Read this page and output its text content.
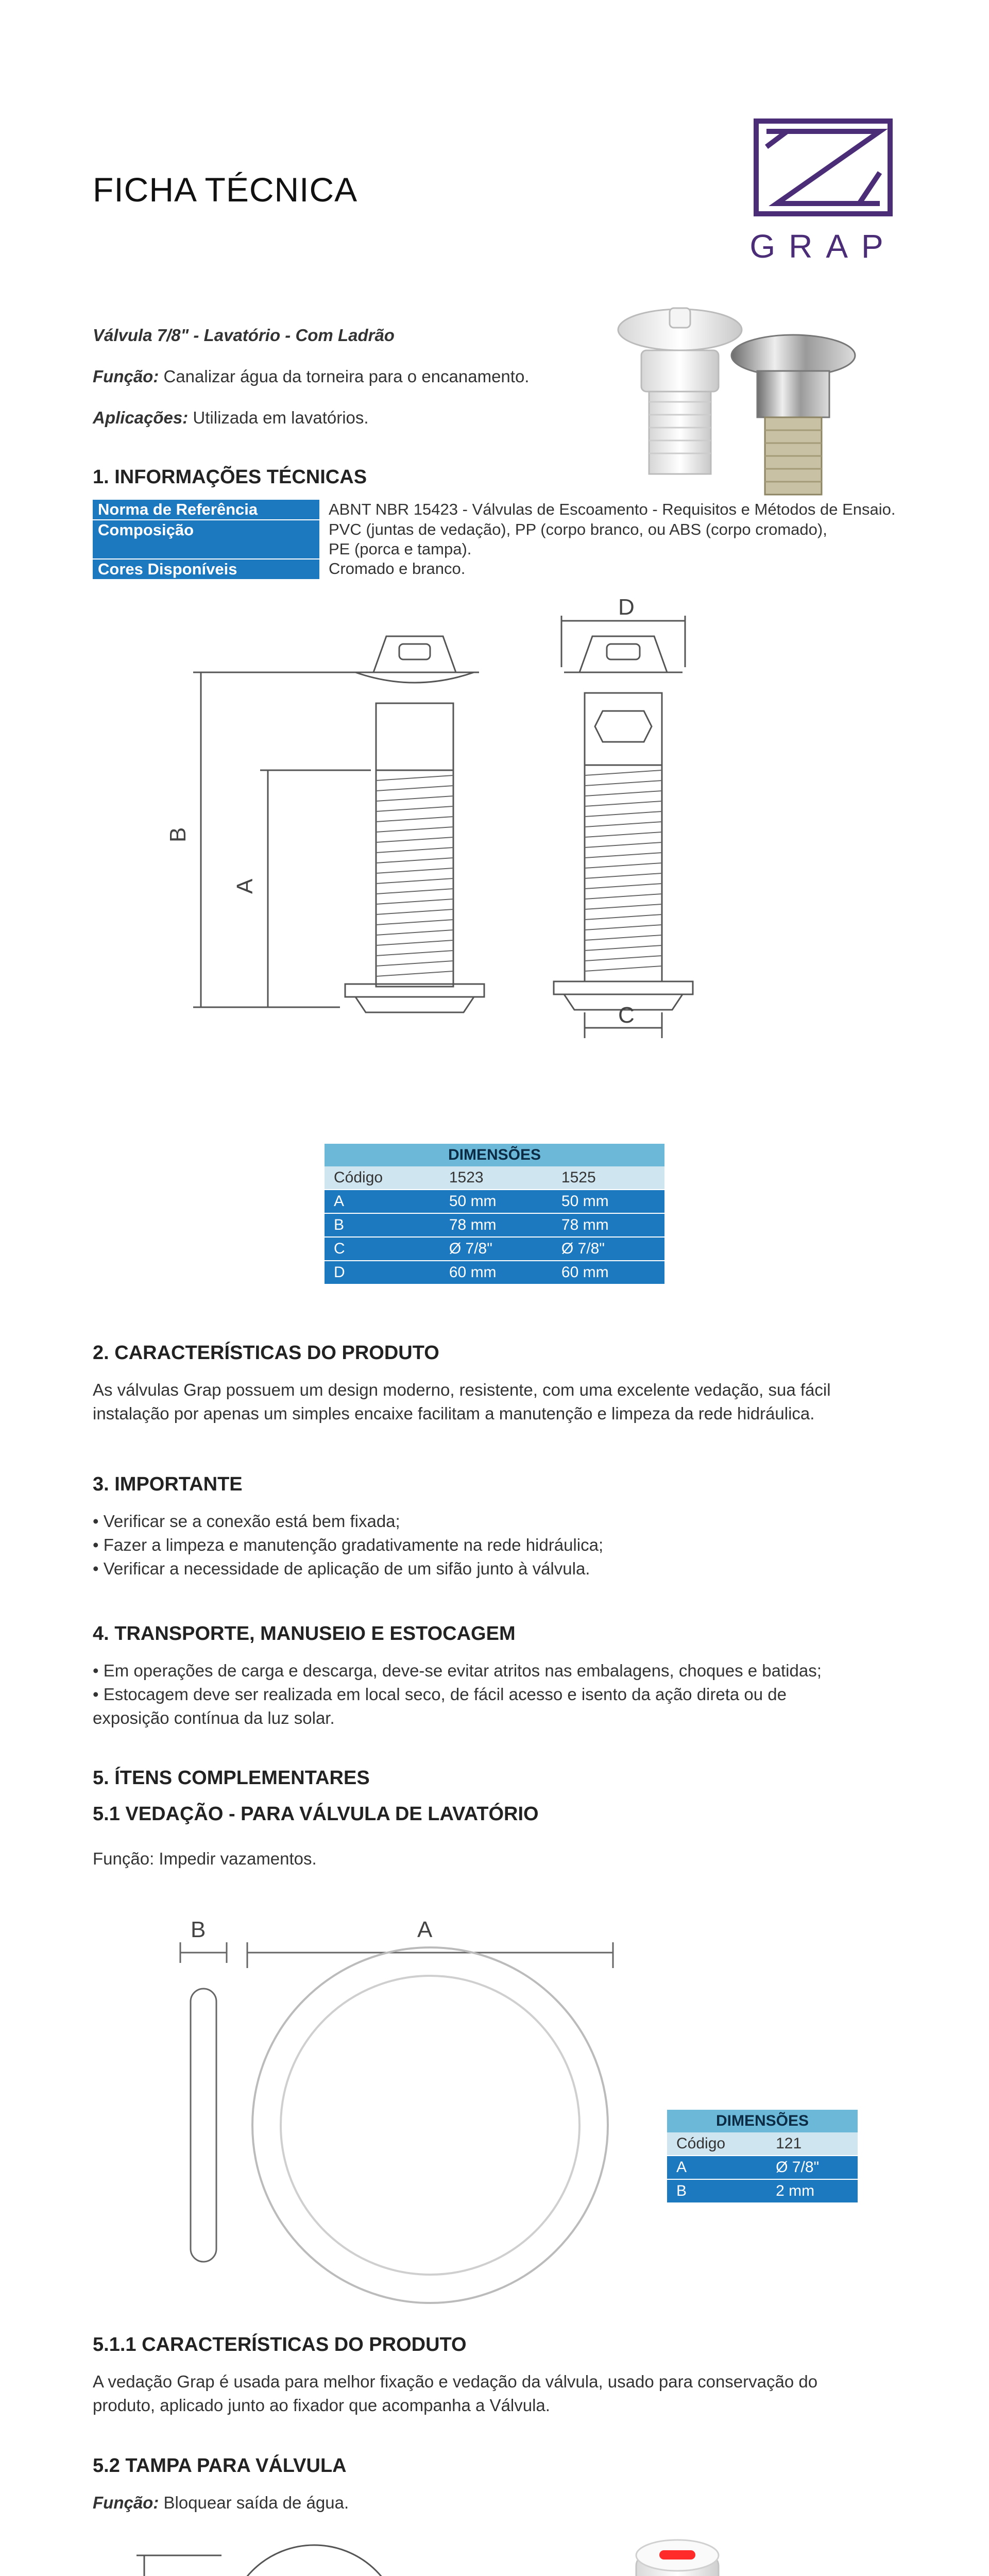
FICHA TÉCNICA
GRAP
Válvula 7/8" - Lavatório - Com Ladrão
Função: Canalizar água da torneira para o encanamento.
Aplicações: Utilizada em lavatórios.
1. INFORMAÇÕES TÉCNICAS
Norma de Referência	ABNT NBR 15423 - Válvulas de Escoamento - Requisitos e Métodos de Ensaio.
Composição	PVC (juntas de vedação), PP (corpo branco, ou ABS (corpo cromado),
PE (porca e tampa).

Cores Disponíveis	Cromado e branco.
B
A
D
C
DIMENSÕES		
Código	1523	1525
A	50 mm	50 mm
B	78 mm	78 mm
C	Ø 7/8"	Ø 7/8"
D	60 mm	60 mm
2. CARACTERÍSTICAS DO PRODUTO
As válvulas Grap possuem um design moderno, resistente, com uma excelente vedação, sua fácil
instalação por apenas um simples encaixe facilitam a manutenção e limpeza da rede hidráulica.
3. IMPORTANTE
• Verificar se a conexão está bem fixada;
• Fazer a limpeza e manutenção gradativamente na rede hidráulica;
• Verificar a necessidade de aplicação de um sifão junto à válvula.
4. TRANSPORTE, MANUSEIO E ESTOCAGEM
• Em operações de carga e descarga, deve-se evitar atritos nas embalagens, choques e batidas;
• Estocagem deve ser realizada em local seco, de fácil acesso e isento da ação direta ou de
exposição contínua da luz solar.
5. ÍTENS COMPLEMENTARES
5.1 VEDAÇÃO - PARA VÁLVULA DE LAVATÓRIO
Função: Impedir vazamentos.
B	A
DIMENSÕES	
Código	121
A	Ø 7/8"
B	2 mm
5.1.1 CARACTERÍSTICAS DO PRODUTO
A vedação Grap é usada para melhor fixação e vedação da válvula, usado para conservação do
produto, aplicado junto ao fixador que acompanha a Válvula.
5.2 TAMPA PARA VÁLVULA
Função: Bloquear saída de água.
